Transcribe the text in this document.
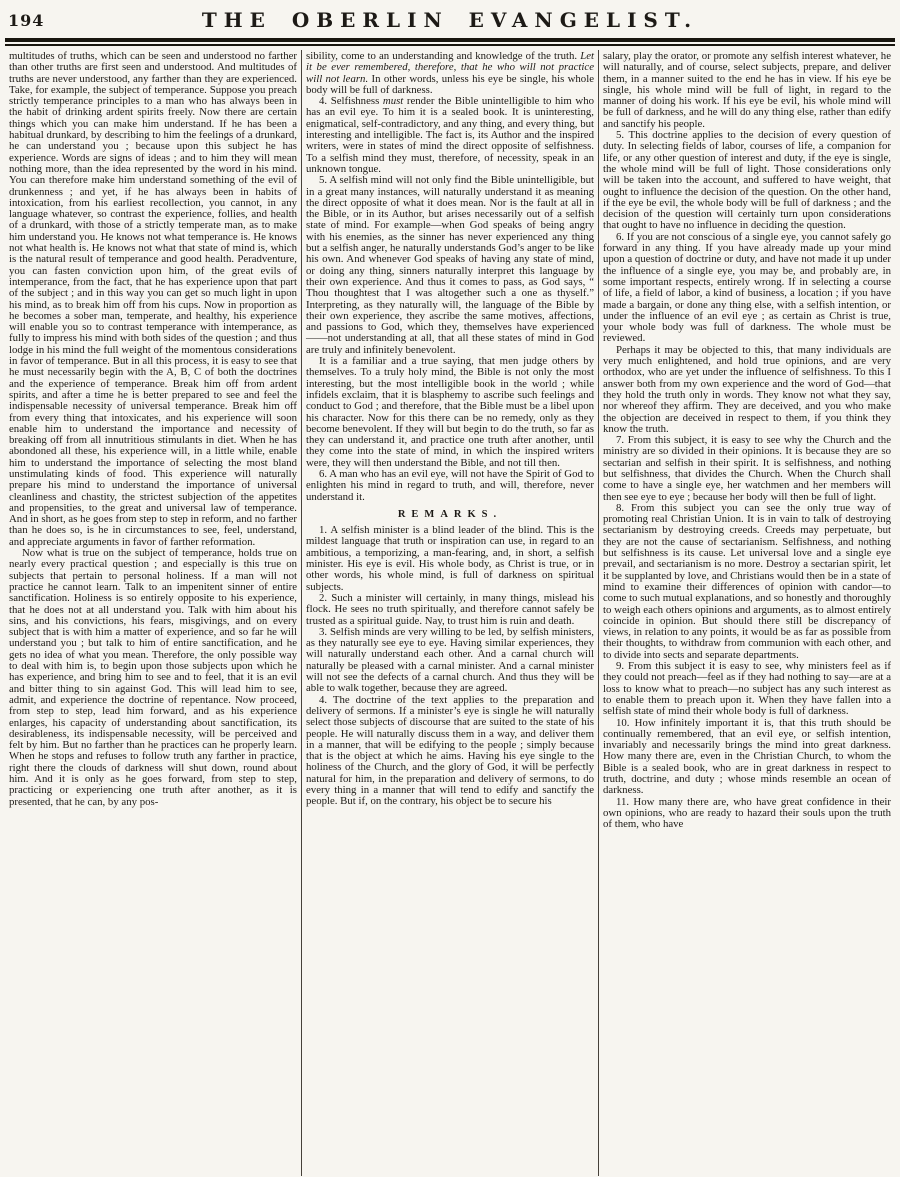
194	THE OBERLIN EVANGELIST.

multitudes of truths, which can be seen and understood no farther than other truths are first seen and understood. And multitudes of truths are never understood, any farther than they are experienced. Take, for example, the subject of temperance. Suppose you preach strictly temperance principles to a man who has always been in the habit of drinking ardent spirits freely. Now there are certain things which you can make him understand. If he has been a habitual drunkard, by describing to him the feelings of a drunkard, he can understand you ; because upon this subject he has experience. Words are signs of ideas ; and to him they will mean nothing more, than the idea represented by the word in his mind. You can therefore make him understand something of the evil of drunkenness ; and yet, if he has always been in habits of intoxication, from his earliest recollection, you cannot, in any language whatever, so contrast the experience, follies, and health of a drunkard, with those of a strictly temperate man, as to make him understand you. He knows not what temperance is. He knows not what health is. He knows not what that state of mind is, which is the natural result of temperance and good health. Peradventure, you can fasten conviction upon him, of the great evils of intemperance, from the fact, that he has experience upon that part of the subject ; and in this way you can get so much light in upon his mind, as to break him off from his cups. Now in proportion as he becomes a sober man, temperate, and healthy, his experience will enable you so to contrast temperance with intemperance, as fully to impress his mind with both sides of the question ; and thus lodge in his mind the full weight of the momentous considerations in favor of temperance. But in all this process, it is easy to see that he must necessarily begin with the A, B, C of both the doctrines and the experience of temperance. Break him off from ardent spirits, and after a time he is better prepared to see and feel the indispensable necessity of universal temperance. Break him off from every thing that intoxicates, and his experience will soon enable him to understand the importance and necessity of breaking off from all innutritious stimulants in diet. When he has abondoned all these, his experience will, in a little while, enable him to understand the importance of selecting the most bland unstimulating kinds of food. This experience will naturally prepare his mind to understand the importance of universal cleanliness and chastity, the strictest subjection of the appetites and propensities, to the great and universal law of temperance. And in short, as he goes from step to step in reform, and no farther than he does so, is he in circumstances to see, feel, understand, and appreciate arguments in favor of farther reformation.

Now what is true on the subject of temperance, holds true on nearly every practical question ; and especially is this true on subjects that pertain to personal holiness. If a man will not practice he cannot learn. Talk to an impenitent sinner of entire sanctification. Holiness is so entirely opposite to his experience, that he does not at all understand you. Talk with him about his sins, and his convictions, his fears, misgivings, and on every subject that is with him a matter of experience, and so far he will understand you ; but talk to him of entire sanctification, and he gets no idea of what you mean. Therefore, the only possible way to deal with him is, to begin upon those subjects upon which he has experience, and bring him to see and to feel, that it is an evil and bitter thing to sin against God. This will lead him to see, admit, and experience the doctrine of repentance. Now proceed, from step to step, lead him forward, and as his experience enlarges, his capacity of understanding about sanctification, its desirableness, its indispensable necessity, will be perceived and felt by him. But no farther than he practices can he properly learn. When he stops and refuses to follow truth any farther in practice, right there the clouds of darkness will shut down, round about him. And it is only as he goes forward, from step to step, practicing or experiencing one truth after another, as it is presented, that he can, by any pos-

sibility, come to an understanding and knowledge of the truth. Let it be ever remembered, therefore, that he who will not practice will not learn. In other words, unless his eye be single, his whole body will be full of darkness.

4. Selfishness must render the Bible unintelligible to him who has an evil eye. To him it is a sealed book. It is uninteresting, enigmatical, self-contradictory, and any thing, and every thing, but interesting and intelligible. The fact is, its Author and the inspired writers, were in states of mind the direct opposite of selfishness. To a selfish mind they must, therefore, of necessity, speak in an unknown tongue.

5. A selfish mind will not only find the Bible unintelligible, but in a great many instances, will naturally understand it as meaning the direct opposite of what it does mean. Nor is the fault at all in the Bible, or in its Author, but arises necessarily out of a selfish state of mind. For example—when God speaks of being angry with his enemies, as the sinner has never experienced any thing but a selfish anger, he naturally understands God’s anger to be like his own. And whenever God speaks of having any state of mind, or doing any thing, sinners naturally interpret this language by their own experience. And thus it comes to pass, as God says, “ Thou thoughtest that I was altogether such a one as thyself.” Interpreting, as they naturally will, the language of the Bible by their own experience, they ascribe the same motives, affections, and passions to God, which they, themselves have experienced——not understanding at all, that all these states of mind in God are truly and infinitely benevolent.

It is a familiar and a true saying, that men judge others by themselves. To a truly holy mind, the Bible is not only the most interesting, but the most intelligible book in the world ; while infidels exclaim, that it is blasphemy to ascribe such feelings and conduct to God ; and therefore, that the Bible must be a libel upon his character. Now for this there can be no remedy, only as they become benevolent. If they will but begin to do the truth, so far as they can understand it, and practice one truth after another, until they come into the state of mind, in which the inspired writers were, they will then understand the Bible, and not till then.

6. A man who has an evil eye, will not have the Spirit of God to enlighten his mind in regard to truth, and will, therefore, never understand it.

REMARKS.

1. A selfish minister is a blind leader of the blind. This is the mildest language that truth or inspiration can use, in regard to an ambitious, a temporizing, a man-fearing, and, in short, a selfish minister. His eye is evil. His whole body, as Christ is true, or in other words, his whole mind, is full of darkness on spiritual subjects.

2. Such a minister will certainly, in many things, mislead his flock. He sees no truth spiritually, and therefore cannot safely be trusted as a spiritual guide. Nay, to trust him is ruin and death.

3. Selfish minds are very willing to be led, by selfish ministers, as they naturally see eye to eye. Having similar experiences, they will naturally understand each other. And a carnal church will naturally be pleased with a carnal minister. And a carnal minister will not see the defects of a carnal church. And thus they will be able to walk together, because they are agreed.

4. The doctrine of the text applies to the preparation and delivery of sermons. If a minister’s eye is single he will naturally select those subjects of discourse that are suited to the state of his people. He will naturally discuss them in a way, and deliver them in a manner, that will be edifying to the people ; simply because that is the object at which he aims. Having his eye single to the holiness of the Church, and the glory of God, it will be perfectly natural for him, in the preparation and delivery of sermons, to do every thing in a manner that will tend to edify and sanctify the people. But if, on the contrary, his object be to secure his

salary, play the orator, or promote any selfish interest whatever, he will naturally, and of course, select subjects, prepare, and deliver them, in a manner suited to the end he has in view. If his eye be single, his whole mind will be full of light, in regard to the manner of doing his work. If his eye be evil, his whole mind will be full of darkness, and he will do any thing else, rather than edify and sanctify his people.

5. This doctrine applies to the decision of every question of duty. In selecting fields of labor, courses of life, a companion for life, or any other question of interest and duty, if the eye is single, the whole mind will be full of light. Those considerations only will be taken into the account, and suffered to have weight, that ought to influence the decision of the question. On the other hand, if the eye be evil, the whole body will be full of darkness ; and the decision of the question will certainly turn upon considerations that ought to have no influence in deciding the question.

6. If you are not conscious of a single eye, you cannot safely go forward in any thing. If you have already made up your mind upon a question of doctrine or duty, and have not made it up under the influence of a single eye, you may be, and probably are, in some important respects, entirely wrong. If in selecting a course of life, a field of labor, a kind of business, a location ; if you have made a bargain, or done any thing else, with a selfish intention, or under the influence of an evil eye ; as certain as Christ is true, your whole body was full of darkness. The whole must be reviewed.

Perhaps it may be objected to this, that many individuals are very much enlightened, and hold true opinions, and are very orthodox, who are yet under the influence of selfishness. To this I answer both from my own experience and the word of God—that they hold the truth only in words. They know not what they say, nor whereof they affirm. They are deceived, and you who make the objection are deceived in respect to them, if you think they know the truth.

7. From this subject, it is easy to see why the Church and the ministry are so divided in their opinions. It is because they are so sectarian and selfish in their spirit. It is selfishness, and nothing but selfishness, that divides the Church. When the Church shall come to have a single eye, her watchmen and her members will then see eye to eye ; because her body will then be full of light.

8. From this subject you can see the only true way of promoting real Christian Union. It is in vain to talk of destroying sectarianism by destroying creeds. Creeds may perpetuate, but they are not the cause of sectarianism. Selfishness, and nothing but selfishness is its cause. Let universal love and a single eye prevail, and sectarianism is no more. Destroy a sectarian spirit, let it be supplanted by love, and Christians would then be in a state of mind to examine their differences of opinion with candor—to come to such mutual explanations, and so honestly and thoroughly to weigh each others opinions and arguments, as to almost entirely coincide in opinion. But should there still be discrepancy of views, in relation to any points, it would be as far as possible from their thoughts, to withdraw from communion with each other, and to divide into sects and separate departments.

9. From this subject it is easy to see, why ministers feel as if they could not preach—feel as if they had nothing to say—are at a loss to know what to preach—no subject has any such interest as to enable them to preach upon it. When they have fallen into a selfish state of mind their whole body is full of darkness.

10. How infinitely important it is, that this truth should be continually remembered, that an evil eye, or selfish intention, invariably and necessarily brings the mind into great darkness. How many there are, even in the Christian Church, to whom the Bible is a sealed book, who are in great darkness in respect to truth, doctrine, and duty ; whose minds resemble an ocean of darkness.

11. How many there are, who have great confidence in their own opinions, who are ready to hazard their souls upon the truth of them, who have
